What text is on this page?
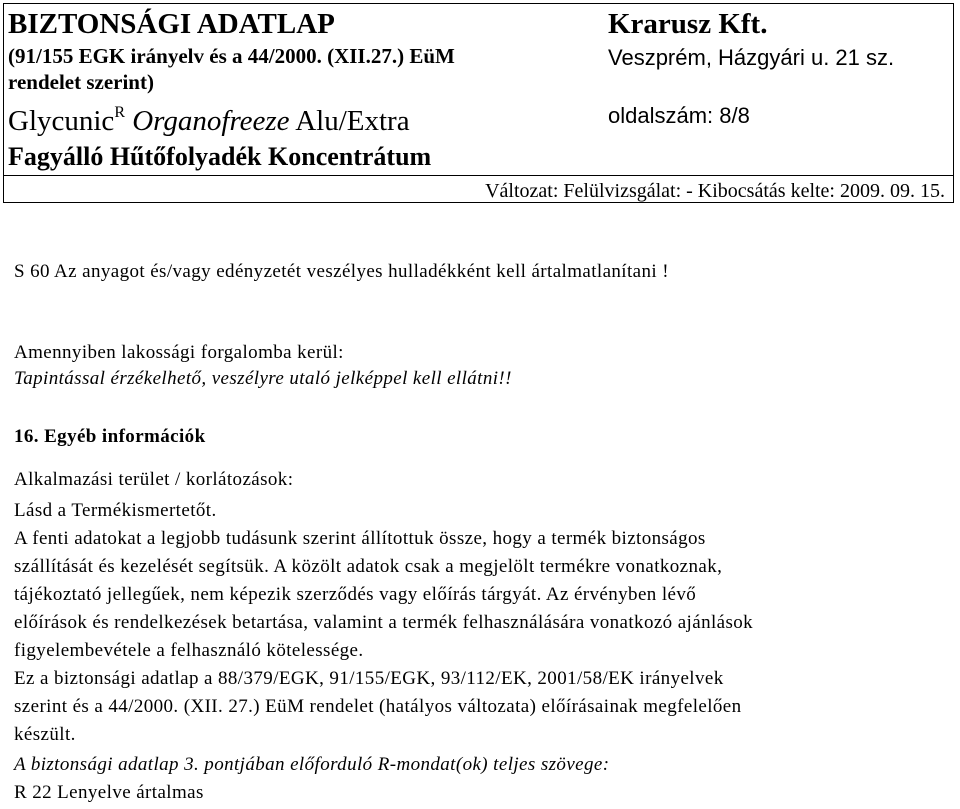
BIZTONSÁGI ADATLAP	Krarusz Kft.
(91/155 EGK irányelv és a 44/2000. (XII.27.) EüM	Veszprém, Házgyári u. 21 sz.
rendelet szerint)
Glycunic$^R$ Organofreeze Alu/Extra	oldalszám: 8/8
Fagyálló Hűtőfolyadék Koncentrátum
Változat: Felülvizsgálat: - Kibocsátás kelte: 2009. 09. 15.
S 60 Az anyagot és/vagy edényzetét veszélyes hulladékként kell ártalmatlanítani !
Amennyiben lakossági forgalomba kerül:
Tapintással érzékelhető, veszélyre utaló jelképpel kell ellátni!!
16. Egyéb információk
Alkalmazási terület / korlátozások:
Lásd a Termékismertetőt.
A fenti adatokat a legjobb tudásunk szerint állítottuk össze, hogy a termék biztonságos
szállítását és kezelését segítsük. A közölt adatok csak a megjelölt termékre vonatkoznak,
tájékoztató jellegűek, nem képezik szerződés vagy előírás tárgyát. Az érvényben lévő
előírások és rendelkezések betartása, valamint a termék felhasználására vonatkozó ajánlások
figyelembevétele a felhasználó kötelessége.
Ez a biztonsági adatlap a 88/379/EGK, 91/155/EGK, 93/112/EK, 2001/58/EK irányelvek
szerint és a 44/2000. (XII. 27.) EüM rendelet (hatályos változata) előírásainak megfelelően
készült.
A biztonsági adatlap 3. pontjában előforduló R-mondat(ok) teljes szövege:
R 22 Lenyelve ártalmas
